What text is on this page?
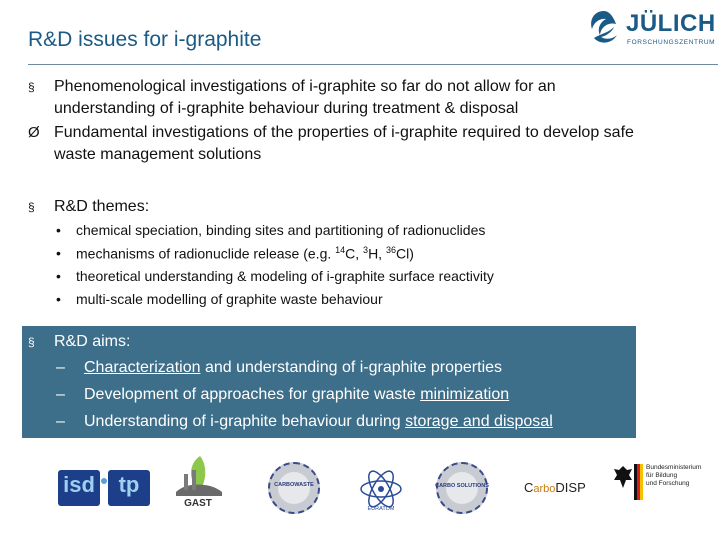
R&D issues for i-graphite
JÜLICH
FORSCHUNGSZENTRUM
§	Phenomenological investigations of i-graphite so far do not allow for an understanding of i-graphite behaviour during treatment & disposal
Ø Fundamental investigations of the properties of i-graphite required to develop safe waste management solutions
§	R&D themes:
• chemical speciation, binding sites and partitioning of radionuclides
• mechanisms of radionuclide release (e.g. $^{14}$C, $^3$H, $^{36}$Cl)
• theoretical understanding & modeling of i-graphite surface reactivity
• multi-scale modelling of graphite waste behaviour
§	R&D aims:
– Characterization and understanding of i-graphite properties
– Development of approaches for graphite waste minimization
– Understanding of i-graphite behaviour during storage and disposal
isd	tp
GAST
CARBOWASTE
EURATOM
CARBO SOLUTIONS	CarboDISP
Bundesministerium
für Bildung
und Forschung
